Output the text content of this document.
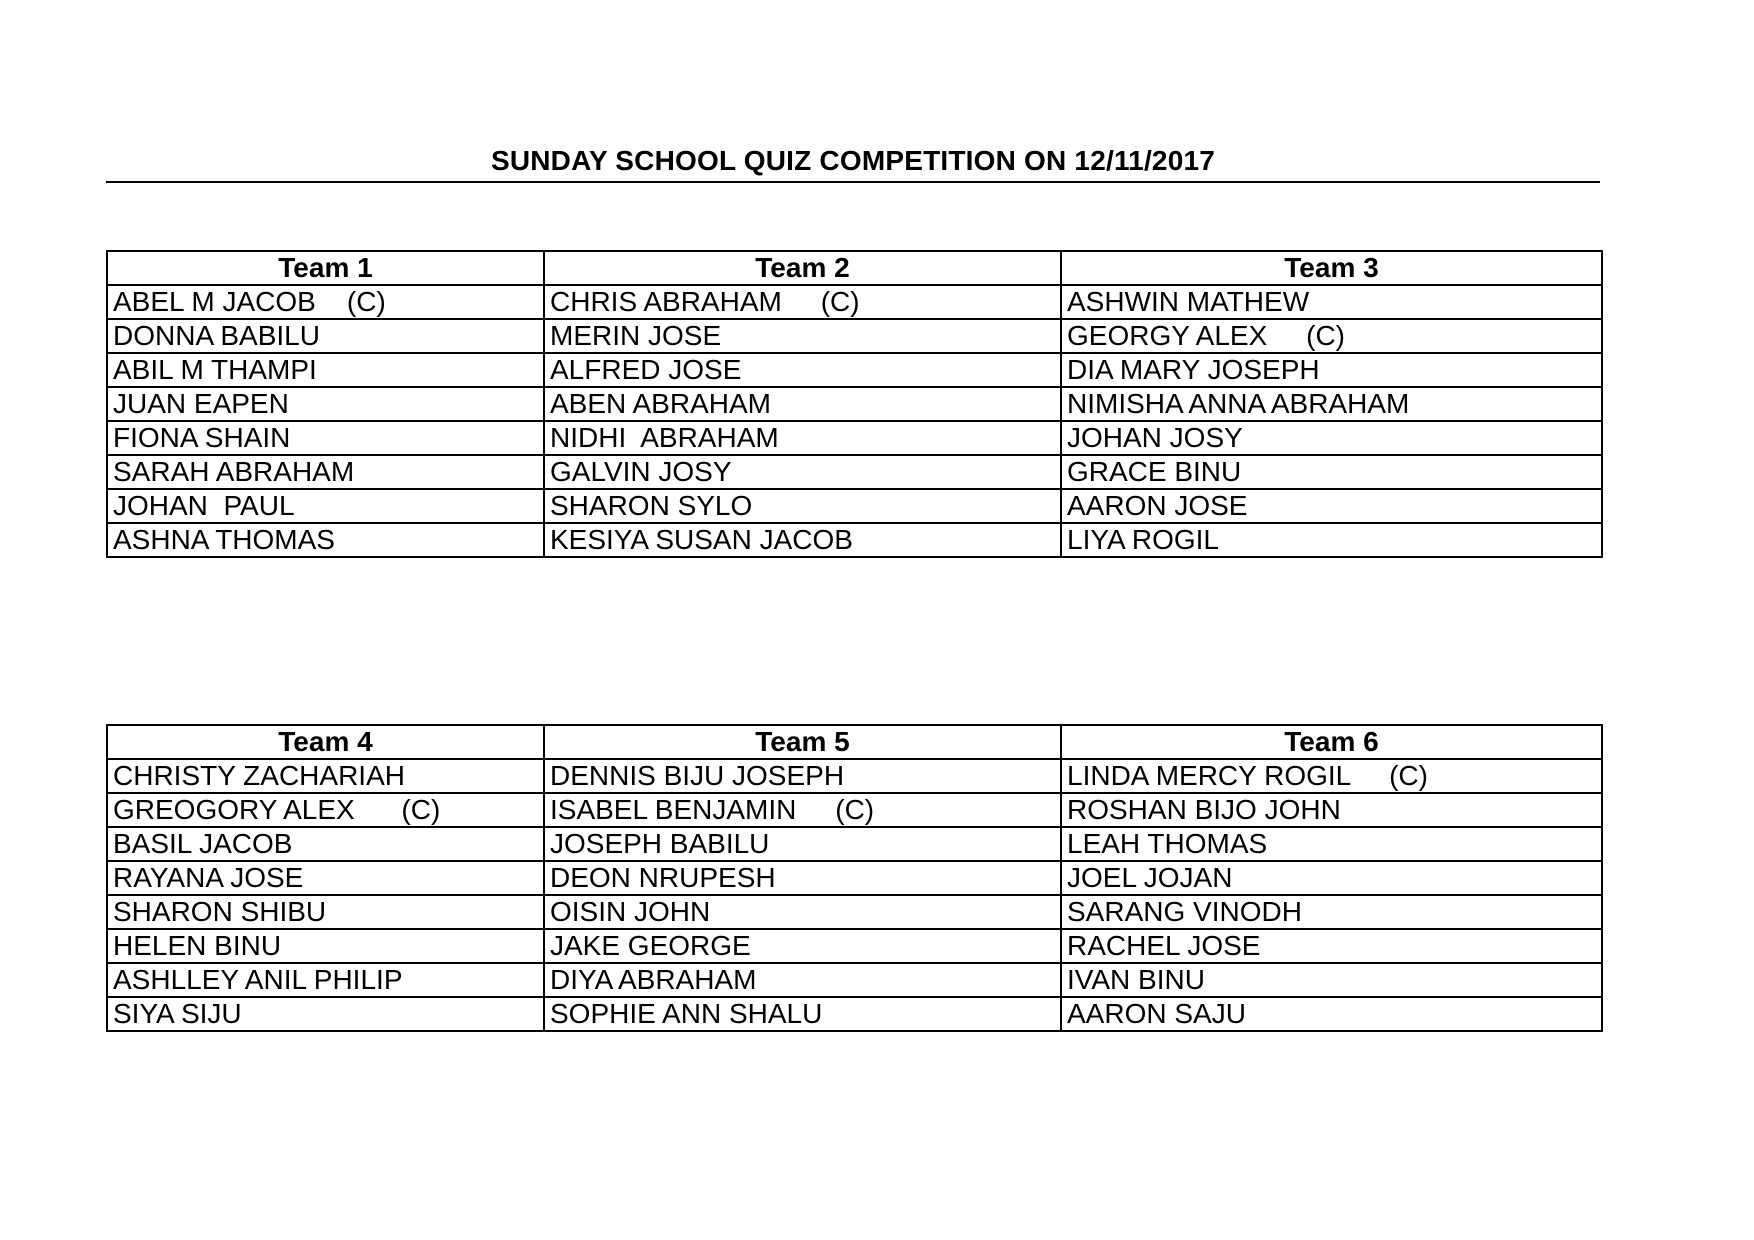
SUNDAY SCHOOL QUIZ COMPETITION ON 12/11/2017
Team 1	Team 2	Team 3
ABEL M JACOB    (C)	CHRIS ABRAHAM     (C)	ASHWIN MATHEW
DONNA BABILU	MERIN JOSE	GEORGY ALEX     (C)
ABIL M THAMPI	ALFRED JOSE	DIA MARY JOSEPH
JUAN EAPEN	ABEN ABRAHAM	NIMISHA ANNA ABRAHAM
FIONA SHAIN	NIDHI  ABRAHAM	JOHAN JOSY
SARAH ABRAHAM	GALVIN JOSY	GRACE BINU
JOHAN  PAUL	SHARON SYLO	AARON JOSE
ASHNA THOMAS	KESIYA SUSAN JACOB	LIYA ROGIL
Team 4	Team 5	Team 6
CHRISTY ZACHARIAH	DENNIS BIJU JOSEPH	LINDA MERCY ROGIL     (C)
GREOGORY ALEX      (C)	ISABEL BENJAMIN     (C)	ROSHAN BIJO JOHN
BASIL JACOB	JOSEPH BABILU	LEAH THOMAS
RAYANA JOSE	DEON NRUPESH	JOEL JOJAN
SHARON SHIBU	OISIN JOHN	SARANG VINODH
HELEN BINU	JAKE GEORGE	RACHEL JOSE
ASHLLEY ANIL PHILIP	DIYA ABRAHAM	IVAN BINU
SIYA SIJU	SOPHIE ANN SHALU	AARON SAJU
